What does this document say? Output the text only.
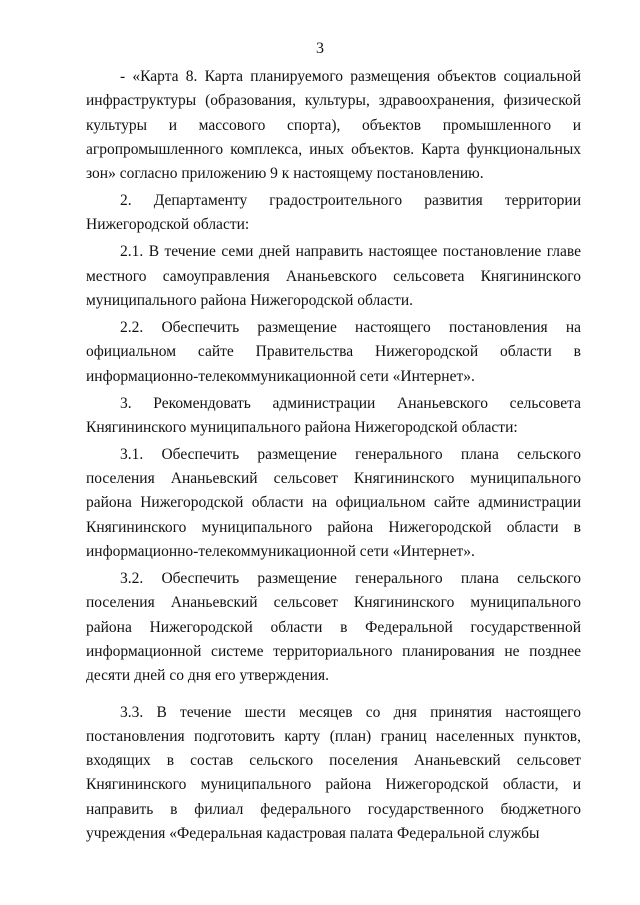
3

- «Карта 8. Карта планируемого размещения объектов социальной инфраструктуры (образования, культуры, здравоохранения, физической культуры и массового спорта), объектов промышленного и агропромышленного комплекса, иных объектов. Карта функциональных зон» согласно приложению 9 к настоящему постановлению.

2. Департаменту градостроительного развития территории Нижегородской области:

2.1. В течение семи дней направить настоящее постановление главе местного самоуправления Ананьевского сельсовета Княгининского муниципального района Нижегородской области.

2.2. Обеспечить размещение настоящего постановления на официальном сайте Правительства Нижегородской области в информационно-телекоммуникационной сети «Интернет».

3. Рекомендовать администрации Ананьевского сельсовета Княгининского муниципального района Нижегородской области:

3.1. Обеспечить размещение генерального плана сельского поселения Ананьевский сельсовет Княгининского муниципального района Нижегородской области на официальном сайте администрации Княгининского муниципального района Нижегородской области в информационно-телекоммуникационной сети «Интернет».

3.2. Обеспечить размещение генерального плана сельского поселения Ананьевский сельсовет Княгининского муниципального района Нижегородской области в Федеральной государственной информационной системе территориального планирования не позднее десяти дней со дня его утверждения.

3.3. В течение шести месяцев со дня принятия настоящего постановления подготовить карту (план) границ населенных пунктов, входящих в состав сельского поселения Ананьевский сельсовет Княгининского муниципального района Нижегородской области, и направить в филиал федерального государственного бюджетного учреждения «Федеральная кадастровая палата Федеральной службы
